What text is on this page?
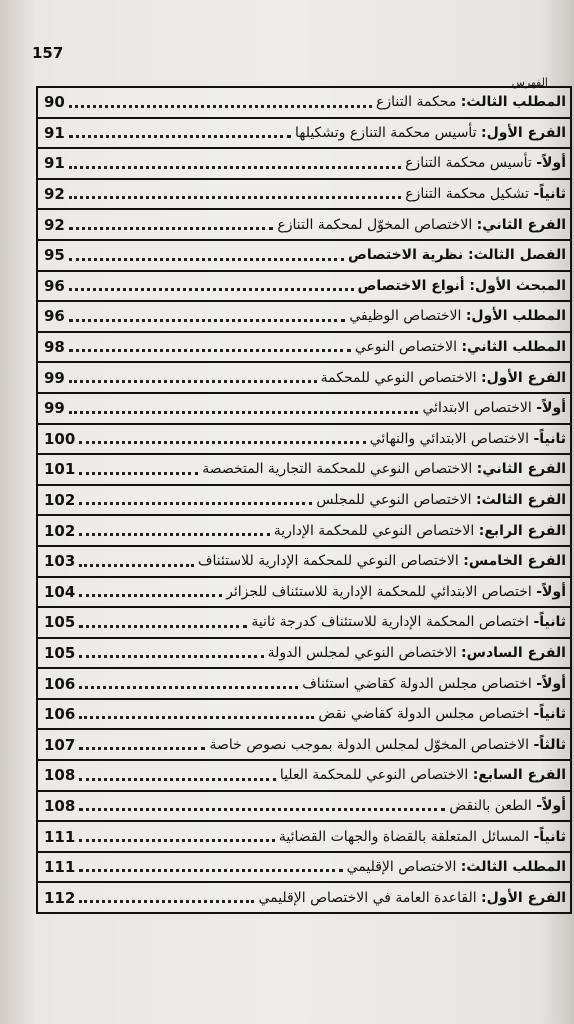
157
الفهرس
90	المطلب الثالث: محكمة التنازع
91	الفرع الأول: تأسيس محكمة التنازع وتشكيلها
91	أولاً- تأسيس محكمة التنازع
92	ثانياً- تشكيل محكمة التنازع
92	الفرع الثاني: الاختصاص المخوّل لمحكمة التنازع
95	الفصل الثالث: نظرية الاختصاص
96	المبحث الأول: أنواع الاختصاص
96	المطلب الأول: الاختصاص الوظيفي
98	المطلب الثاني: الاختصاص النوعي
99	الفرع الأول: الاختصاص النوعي للمحكمة
99	أولاً- الاختصاص الابتدائي
100	ثانياً- الاختصاص الابتدائي والنهائي
101	الفرع الثاني: الاختصاص النوعي للمحكمة التجارية المتخصصة
102	الفرع الثالث: الاختصاص النوعي للمجلس
102	الفرع الرابع: الاختصاص النوعي للمحكمة الإدارية
103	الفرع الخامس: الاختصاص النوعي للمحكمة الإدارية للاستئناف
104	أولاً- اختصاص الابتدائي للمحكمة الإدارية للاستئناف للجزائر
105	ثانياً- اختصاص المحكمة الإدارية للاستئناف كدرجة ثانية
105	الفرع السادس: الاختصاص النوعي لمجلس الدولة
106	أولاً- اختصاص مجلس الدولة كقاضي استئناف
106	ثانياً- اختصاص مجلس الدولة كقاضي نقض
107	ثالثاً- الاختصاص المخوّل لمجلس الدولة بموجب نصوص خاصة
108	الفرع السابع: الاختصاص النوعي للمحكمة العليا
108	أولاً- الطعن بالنقض
111	ثانياً- المسائل المتعلقة بالقضاة والجهات القضائية
111	المطلب الثالث: الاختصاص الإقليمي
112	الفرع الأول: القاعدة العامة في الاختصاص الإقليمي
